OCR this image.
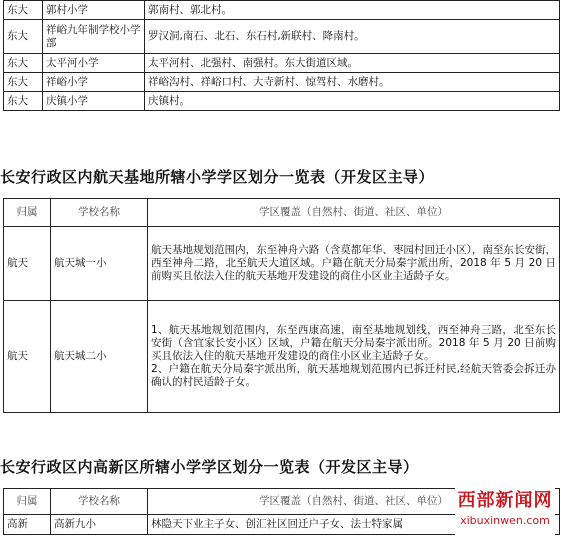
东大	郭村小学	郭南村、郭北村。
东大	祥峪九年制学校小学部	罗汉洞,南石、北石、东石村,新联村、降南村。
东大	太平河小学	太平河村、北强村、南强村。东大街道区域。
东大	祥峪小学	祥峪沟村、祥峪口村、大寺新村、惊驾村、水磨村。
东大	庆镇小学	庆镇村。
长安行政区内航天基地所辖小学学区划分一览表（开发区主导）
归属	学校名称	学区覆盖（自然村、街道、社区、单位）
航天	航天城一小	航天基地规划范围内，东至神舟六路（含莫都年华、枣园村回迁小区），南至东长安街，西至神舟二路，北至航天大道区域。户籍在航天分局秦宇派出所，2018 年 5 月 20 日前购买且依法入住的航天基地开发建设的商住小区业主适龄子女。
航天	航天城二小	1、航天基地规划范围内，东至西康高速，南至基地规划线，西至神舟三路，北至东长安街（含宜家长安小区）区域，户籍在航天分局秦宇派出所。2018 年 5 月 20 日前购买且依法入住的航天基地开发建设的商住小区业主适龄子女。
2、户籍在航天分局秦宇派出所，航天基地规划范围内已拆迁村民,经航天管委会拆迁办确认的村民适龄子女。
长安行政区内高新区所辖小学学区划分一览表（开发区主导）
归属	学校名称	学区覆盖（自然村、街道、社区、单位）
高新	高新九小	林隐天下业主子女、创汇社区回迁户子女、法士特家属
西部新闻网
xibuxinwen.com
